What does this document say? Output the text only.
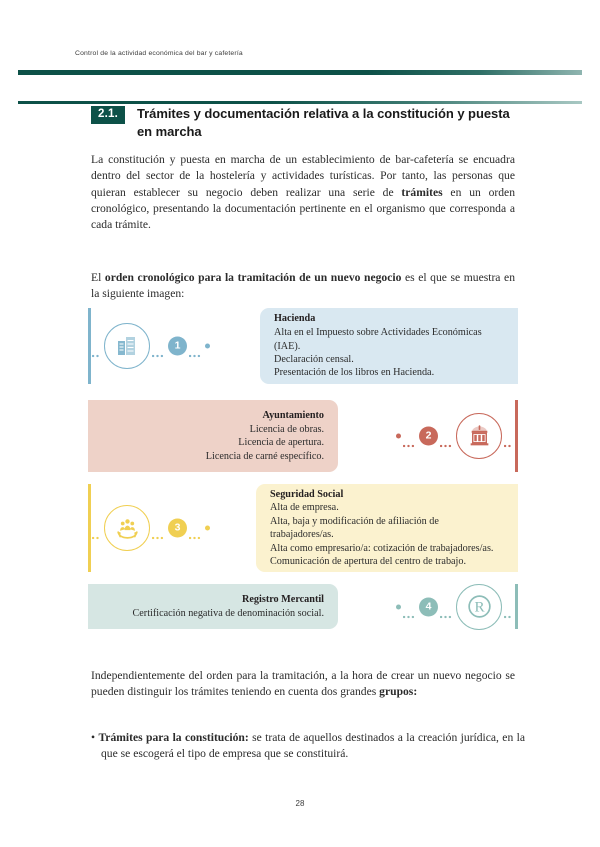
Control de la actividad económica del bar y cafetería
2.1.	Trámites y documentación relativa a la constitución y puesta en marcha
La constitución y puesta en marcha de un establecimiento de bar-cafetería se encuadra dentro del sector de la hostelería y actividades turísticas. Por tanto, las personas que quieran establecer su negocio deben realizar una serie de trámites en un orden cronológico, presentando la documentación pertinente en el organismo que corresponda a cada trámite.
El orden cronológico para la tramitación de un nuevo negocio es el que se muestra en la siguiente imagen:
Hacienda
Alta en el Impuesto sobre Actividades Económicas (IAE).
Declaración censal.
Presentación de los libros en Hacienda.
1
Ayuntamiento
Licencia de obras.
Licencia de apertura.
Licencia de carné específico.
2
Seguridad Social
Alta de empresa.
Alta, baja y modificación de afiliación de trabajadores/as.
Alta como empresario/a: cotización de trabajadores/as.
Comunicación de apertura del centro de trabajo.
3
Registro Mercantil
Certificación negativa de denominación social.	R
4
Independientemente del orden para la tramitación, a la hora de crear un nuevo negocio se pueden distinguir los trámites teniendo en cuenta dos grandes grupos:
• Trámites para la constitución: se trata de aquellos destinados a la creación jurídica, en la que se escogerá el tipo de empresa que se constituirá.
28
